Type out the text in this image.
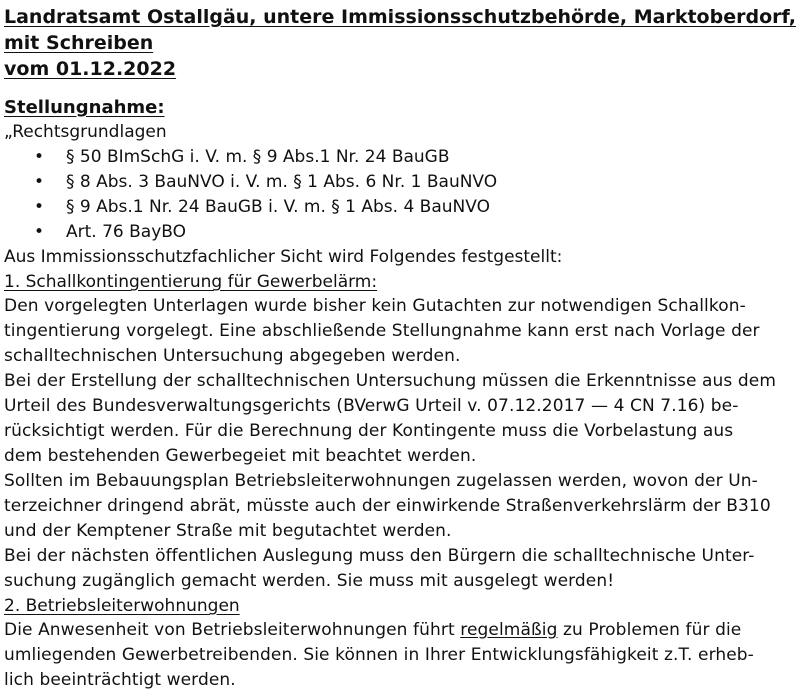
Landratsamt Ostallgäu, untere Immissionsschutzbehörde, Marktoberdorf, mit Schreiben
vom 01.12.2022
Stellungnahme:
„Rechtsgrundlagen
• § 50 BImSchG i. V. m. § 9 Abs.1 Nr. 24 BauGB
• § 8 Abs. 3 BauNVO i. V. m. § 1 Abs. 6 Nr. 1 BauNVO
• § 9 Abs.1 Nr. 24 BauGB i. V. m. § 1 Abs. 4 BauNVO
• Art. 76 BayBO
Aus Immissionsschutzfachlicher Sicht wird Folgendes festgestellt:
1. Schallkontingentierung für Gewerbelärm:

Den vorgelegten Unterlagen wurde bisher kein Gutachten zur notwendigen Schallkon-
tingentierung vorgelegt. Eine abschließende Stellungnahme kann erst nach Vorlage der
schalltechnischen Untersuchung abgegeben werden.

Bei der Erstellung der schalltechnischen Untersuchung müssen die Erkenntnisse aus dem
Urteil des Bundesverwaltungsgerichts (BVerwG Urteil v. 07.12.2017 — 4 CN 7.16) be-
rücksichtigt werden. Für die Berechnung der Kontingente muss die Vorbelastung aus
dem bestehenden Gewerbegeiet mit beachtet werden.

Sollten im Bebauungsplan Betriebsleiterwohnungen zugelassen werden, wovon der Un-
terzeichner dringend abrät, müsste auch der einwirkende Straßenverkehrslärm der B310
und der Kemptener Straße mit begutachtet werden.

Bei der nächsten öffentlichen Auslegung muss den Bürgern die schalltechnische Unter-
suchung zugänglich gemacht werden. Sie muss mit ausgelegt werden!

2. Betriebsleiterwohnungen

Die Anwesenheit von Betriebsleiterwohnungen führt regelmäßig zu Problemen für die
umliegenden Gewerbetreibenden. Sie können in Ihrer Entwicklungsfähigkeit z.T. erheb-
lich beeinträchtigt werden.
